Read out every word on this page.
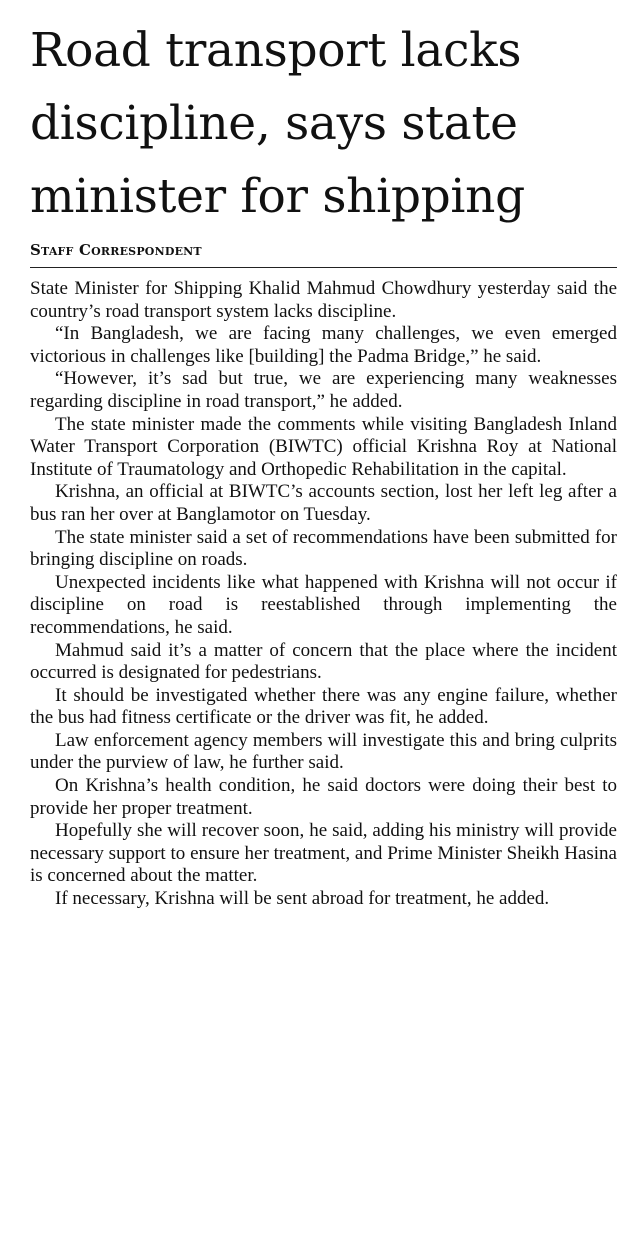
Road transport lacks
discipline, says state
minister for shipping
Staff Correspondent

State Minister for Shipping Khalid Mahmud Chowdhury yesterday said the country’s road transport system lacks discipline.

“In Bangladesh, we are facing many challenges, we even emerged victorious in challenges like [building] the Padma Bridge,” he said.

“However, it’s sad but true, we are experiencing many weaknesses regarding discipline in road transport,” he added.

The state minister made the comments while visiting Bangladesh Inland Water Transport Corporation (BIWTC) official Krishna Roy at National Institute of Traumatology and Orthopedic Rehabilitation in the capital.

Krishna, an official at BIWTC’s accounts section, lost her left leg after a bus ran her over at Banglamotor on Tuesday.

The state minister said a set of recommendations have been submitted for bringing discipline on roads.

Unexpected incidents like what happened with Krishna will not occur if discipline on road is reestablished through implementing the recommendations, he said.

Mahmud said it’s a matter of concern that the place where the incident occurred is designated for pedestrians.

It should be investigated whether there was any engine failure, whether the bus had fitness certificate or the driver was fit, he added.

Law enforcement agency members will investigate this and bring culprits under the purview of law, he further said.

On Krishna’s health condition, he said doctors were doing their best to provide her proper treatment.

Hopefully she will recover soon, he said, adding his ministry will provide necessary support to ensure her treatment, and Prime Minister Sheikh Hasina is concerned about the matter.

If necessary, Krishna will be sent abroad for treatment, he added.
